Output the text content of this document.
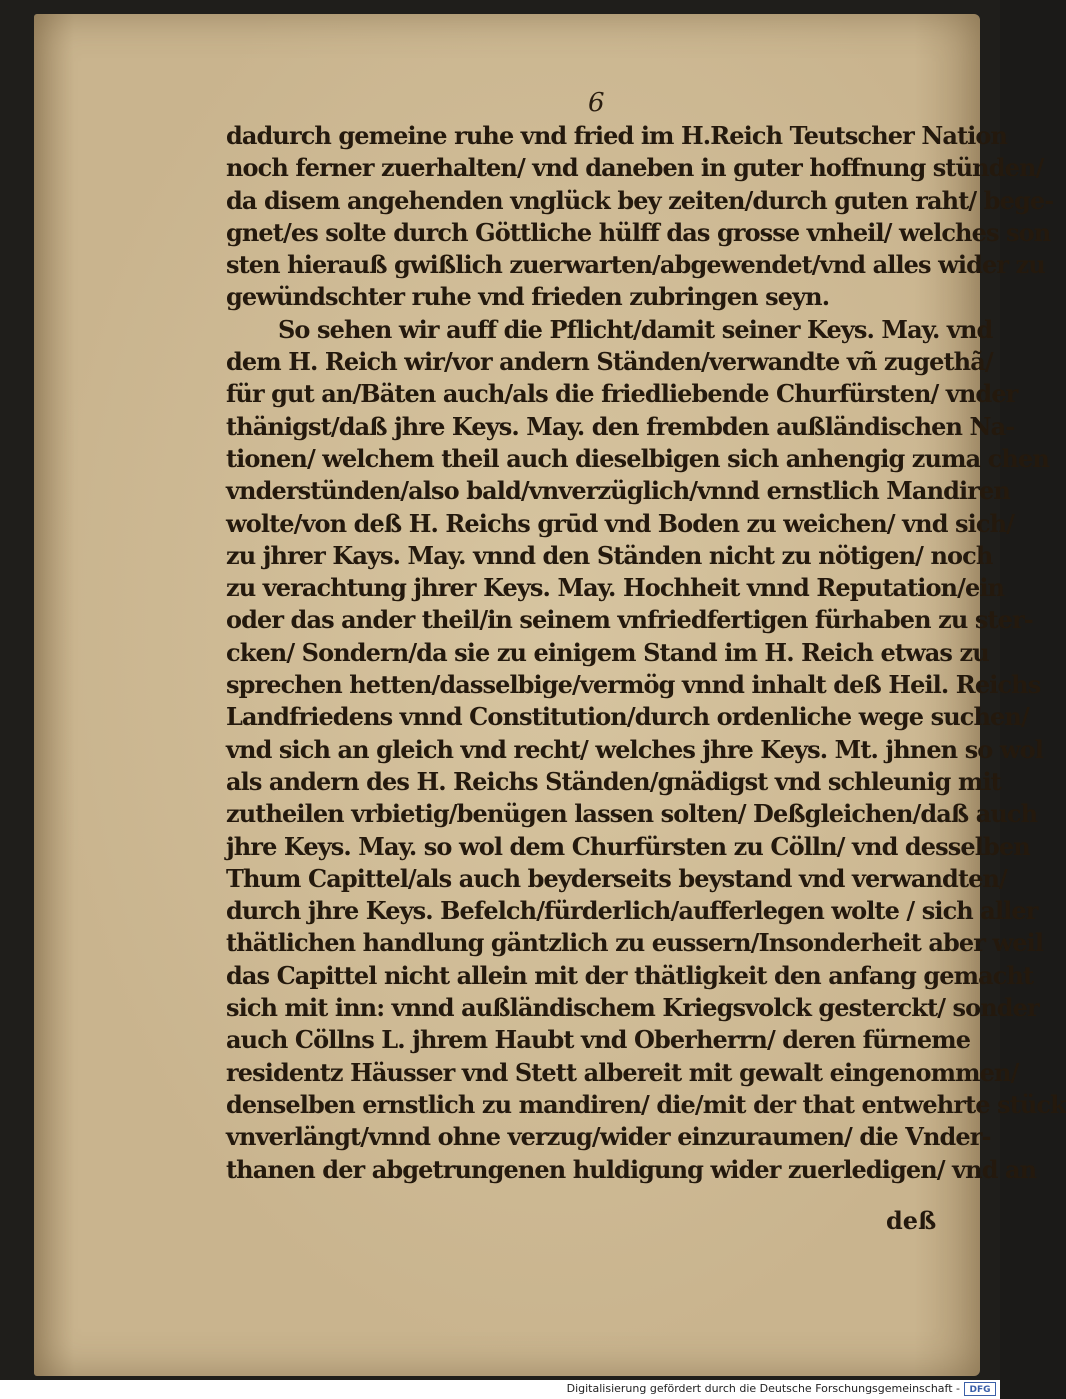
6
dadurch gemeine ruhe vnd fried im H.Reich Teutscher Nation
noch ferner zuerhalten/ vnd daneben in guter hoffnung stünden/
da disem angehenden vnglück bey zeiten/durch guten raht/ bege-
gnet/es solte durch Göttliche hülff das grosse vnheil/ welches son
sten hierauß gwißlich zuerwarten/abgewendet/vnd alles wider zu
gewündschter ruhe vnd frieden zubringen seyn.
So sehen wir auff die Pflicht/damit seiner Keys. May. vnd
dem H. Reich wir/vor andern Ständen/verwandte vñ zugethã/
für gut an/Bäten auch/als die friedliebende Churfürsten/ vnder
thänigst/daß jhre Keys. May. den frembden außländischen Na-
tionen/ welchem theil auch dieselbigen sich anhengig zuma chen
vnderstünden/also bald/vnverzüglich/vnnd ernstlich Mandiren
wolte/von deß H. Reichs grūd vnd Boden zu weichen/ vnd sich/
zu jhrer Kays. May. vnnd den Ständen nicht zu nötigen/ noch
zu verachtung jhrer Keys. May. Hochheit vnnd Reputation/ein
oder das ander theil/in seinem vnfriedfertigen fürhaben zu ster-
cken/ Sondern/da sie zu einigem Stand im H. Reich etwas zu
sprechen hetten/dasselbige/vermög vnnd inhalt deß Heil. Reichs
Landfriedens vnnd Constitution/durch ordenliche wege suchen/
vnd sich an gleich vnd recht/ welches jhre Keys. Mt. jhnen so wol
als andern des H. Reichs Ständen/gnädigst vnd schleunig mit
zutheilen vrbietig/benügen lassen solten/ Deßgleichen/daß auch
jhre Keys. May. so wol dem Churfürsten zu Cölln/ vnd desselben
Thum Capittel/als auch beyderseits beystand vnd verwandten/
durch jhre Keys. Befelch/fürderlich/aufferlegen wolte / sich aller
thätlichen handlung gäntzlich zu eussern/Insonderheit aber weil
das Capittel nicht allein mit der thätligkeit den anfang gemacht
sich mit inn: vnnd außländischem Kriegsvolck gesterckt/ sonder
auch Cöllns L. jhrem Haubt vnd Oberherrn/ deren fürneme
residentz Häusser vnd Stett albereit mit gewalt eingenommen/
denselben ernstlich zu mandiren/ die/mit der that entwehrte stück
vnverlängt/vnnd ohne verzug/wider einzuraumen/ die Vnder-
thanen der abgetrungenen huldigung wider zuerledigen/ vnd an
deß
Digitalisierung gefördert durch die Deutsche Forschungsgemeinschaft -	DFG
